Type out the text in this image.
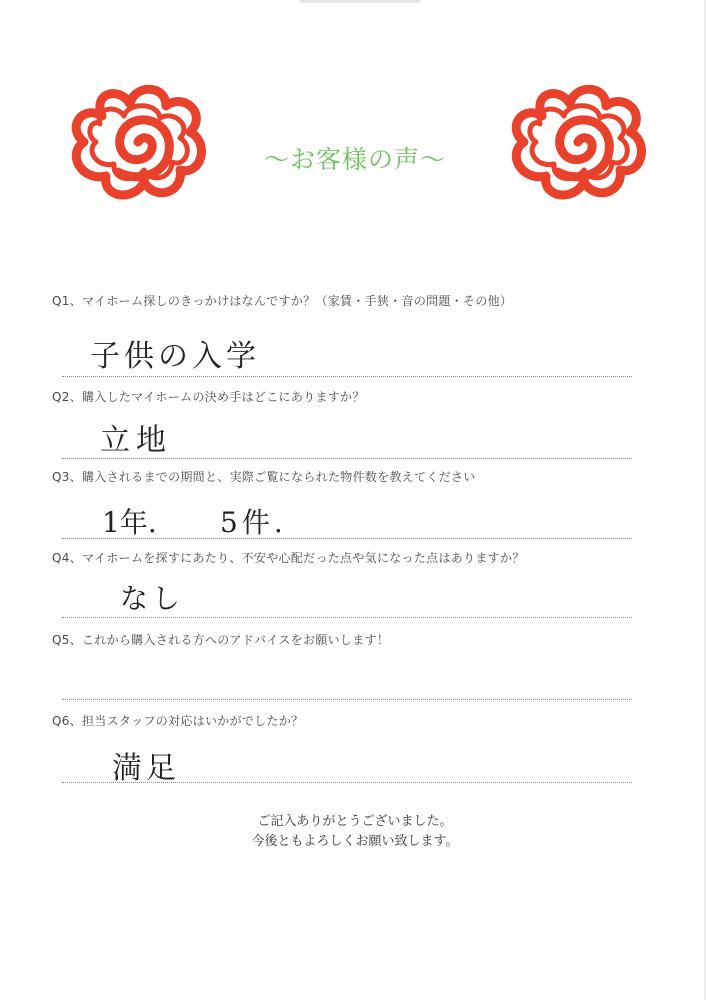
～お客様の声～
Q1、マイホーム探しのきっかけはなんですか？（家賃・手狭・音の問題・その他）
子供の入学
Q2、購入したマイホームの決め手はどこにありますか？
立地
Q3、購入されるまでの期間と、実際ご覧になられた物件数を教えてください
1年. 5件.
Q4、マイホームを探すにあたり、不安や心配だった点や気になった点はありますか？
なし
Q5、これから購入される方へのアドバイスをお願いします！
Q6、担当スタッフの対応はいかがでしたか？
満足
ご記入ありがとうございました。
今後ともよろしくお願い致します。
